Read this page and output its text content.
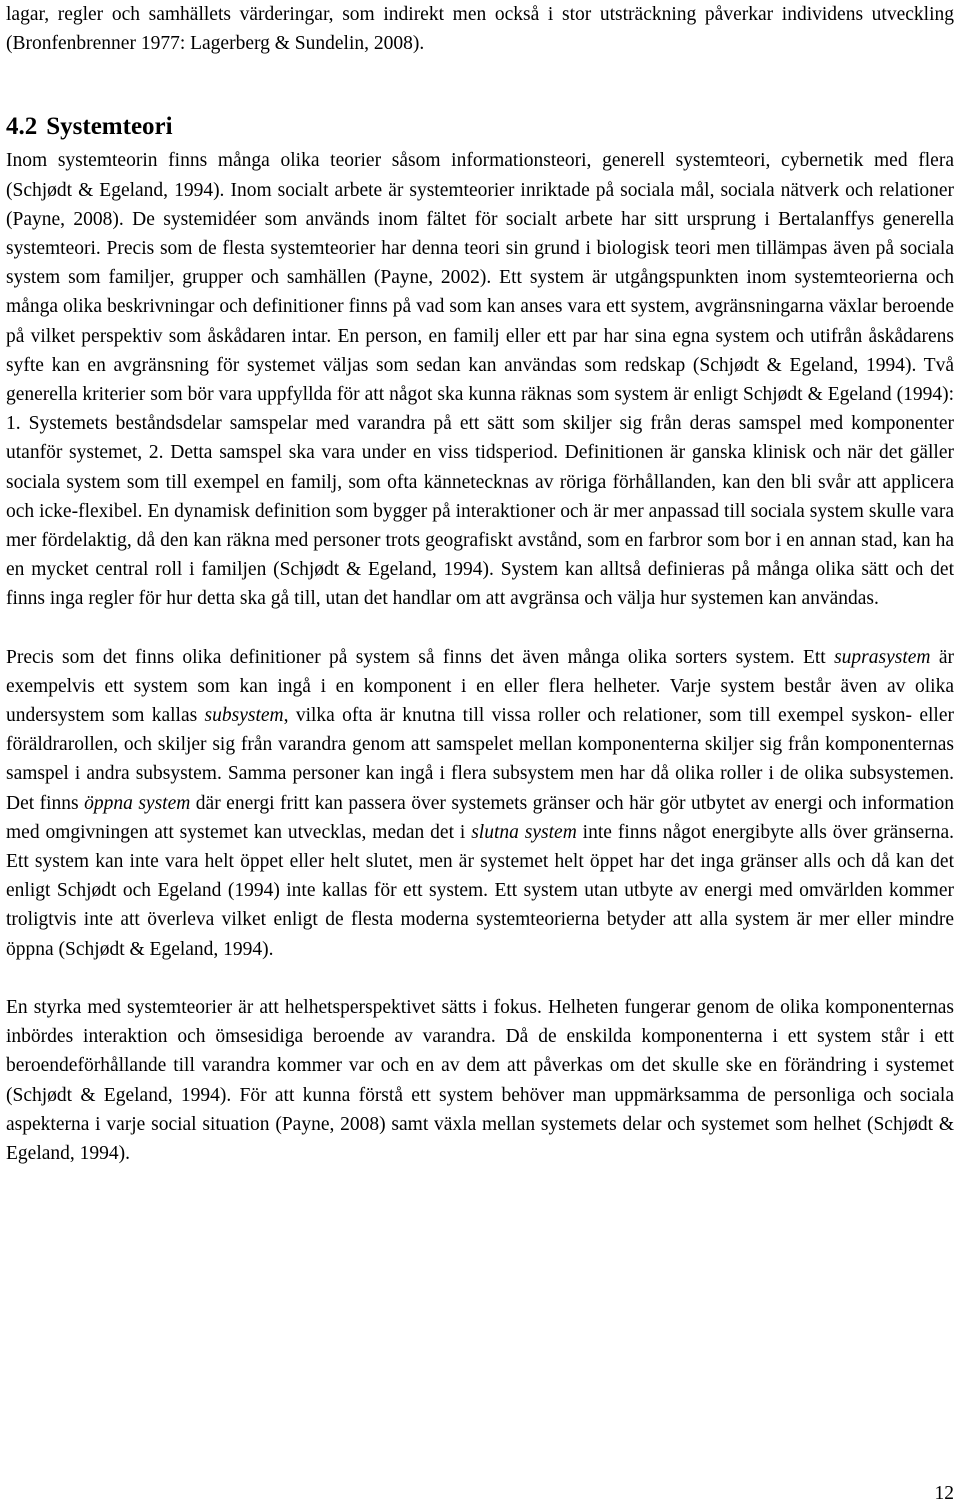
lagar, regler och samhällets värderingar, som indirekt men också i stor utsträckning påverkar individens utveckling (Bronfenbrenner 1977: Lagerberg & Sundelin, 2008).

4.2 Systemteori

Inom systemteorin finns många olika teorier såsom informationsteori, generell systemteori, cybernetik med flera (Schjødt & Egeland, 1994). Inom socialt arbete är systemteorier inriktade på sociala mål, sociala nätverk och relationer (Payne, 2008). De systemidéer som används inom fältet för socialt arbete har sitt ursprung i Bertalanffys generella systemteori. Precis som de flesta systemteorier har denna teori sin grund i biologisk teori men tillämpas även på sociala system som familjer, grupper och samhällen (Payne, 2002). Ett system är utgångspunkten inom systemteorierna och många olika beskrivningar och definitioner finns på vad som kan anses vara ett system, avgränsningarna växlar beroende på vilket perspektiv som åskådaren intar. En person, en familj eller ett par har sina egna system och utifrån åskådarens syfte kan en avgränsning för systemet väljas som sedan kan användas som redskap (Schjødt & Egeland, 1994). Två generella kriterier som bör vara uppfyllda för att något ska kunna räknas som system är enligt Schjødt & Egeland (1994): 1. Systemets beståndsdelar samspelar med varandra på ett sätt som skiljer sig från deras samspel med komponenter utanför systemet, 2. Detta samspel ska vara under en viss tidsperiod. Definitionen är ganska klinisk och när det gäller sociala system som till exempel en familj, som ofta kännetecknas av röriga förhållanden, kan den bli svår att applicera och icke-flexibel. En dynamisk definition som bygger på interaktioner och är mer anpassad till sociala system skulle vara mer fördelaktig, då den kan räkna med personer trots geografiskt avstånd, som en farbror som bor i en annan stad, kan ha en mycket central roll i familjen (Schjødt & Egeland, 1994). System kan alltså definieras på många olika sätt och det finns inga regler för hur detta ska gå till, utan det handlar om att avgränsa och välja hur systemen kan användas.

Precis som det finns olika definitioner på system så finns det även många olika sorters system. Ett suprasystem är exempelvis ett system som kan ingå i en komponent i en eller flera helheter. Varje system består även av olika undersystem som kallas subsystem, vilka ofta är knutna till vissa roller och relationer, som till exempel syskon- eller föräldrarollen, och skiljer sig från varandra genom att samspelet mellan komponenterna skiljer sig från komponenternas samspel i andra subsystem. Samma personer kan ingå i flera subsystem men har då olika roller i de olika subsystemen. Det finns öppna system där energi fritt kan passera över systemets gränser och här gör utbytet av energi och information med omgivningen att systemet kan utvecklas, medan det i slutna system inte finns något energibyte alls över gränserna. Ett system kan inte vara helt öppet eller helt slutet, men är systemet helt öppet har det inga gränser alls och då kan det enligt Schjødt och Egeland (1994) inte kallas för ett system. Ett system utan utbyte av energi med omvärlden kommer troligtvis inte att överleva vilket enligt de flesta moderna systemteorierna betyder att alla system är mer eller mindre öppna (Schjødt & Egeland, 1994).

En styrka med systemteorier är att helhetsperspektivet sätts i fokus. Helheten fungerar genom de olika komponenternas inbördes interaktion och ömsesidiga beroende av varandra. Då de enskilda komponenterna i ett system står i ett beroendeförhållande till varandra kommer var och en av dem att påverkas om det skulle ske en förändring i systemet (Schjødt & Egeland, 1994). För att kunna förstå ett system behöver man uppmärksamma de personliga och sociala aspekterna i varje social situation (Payne, 2008) samt växla mellan systemets delar och systemet som helhet (Schjødt & Egeland, 1994).

12
